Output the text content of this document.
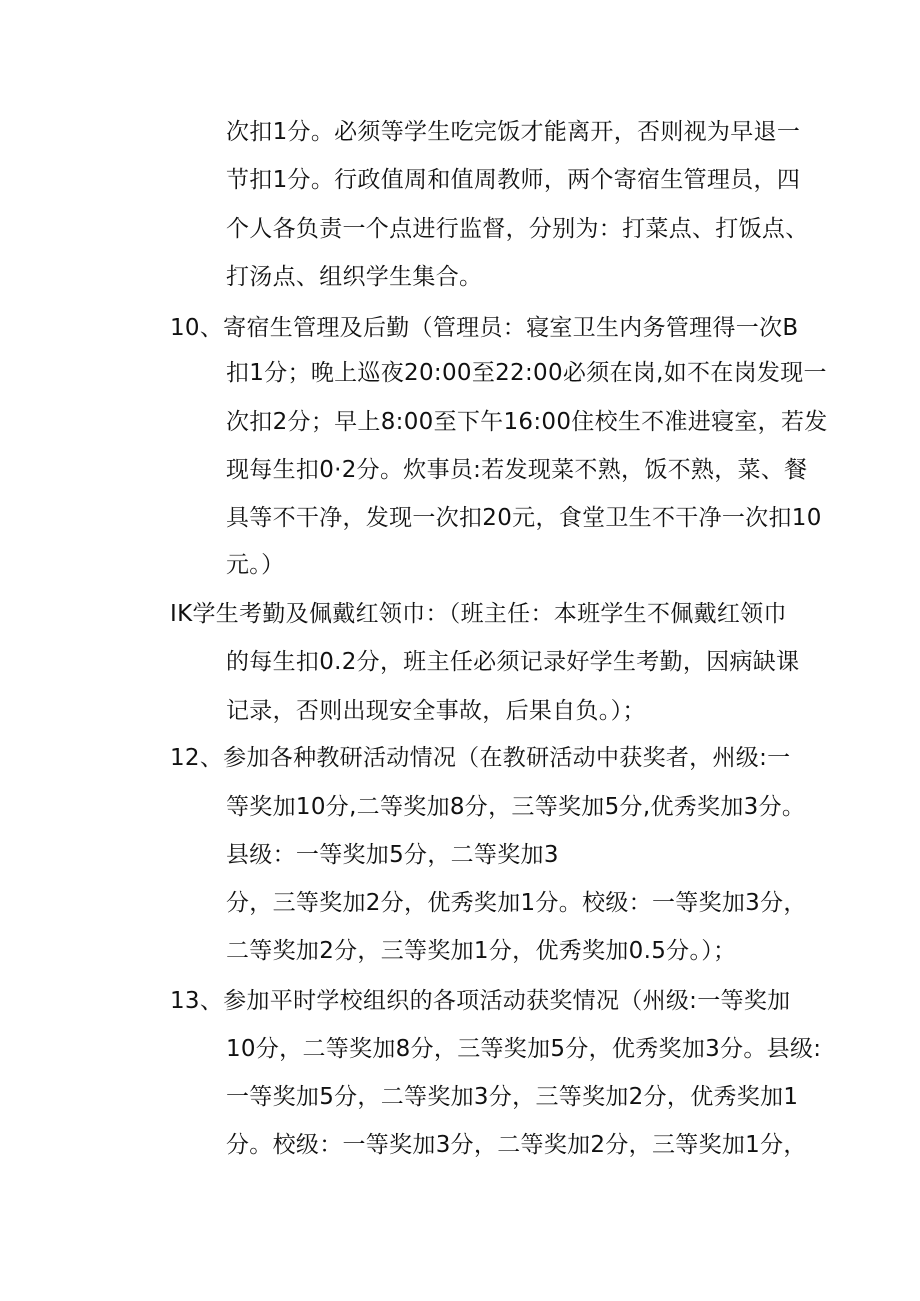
次扣1分。必须等学生吃完饭才能离开，否则视为早退一
节扣1分。行政值周和值周教师，两个寄宿生管理员，四
个人各负责一个点进行监督，分别为：打菜点、打饭点、
打汤点、组织学生集合。
10、寄宿生管理及后勤（管理员：寝室卫生内务管理得一次B
扣1分；晚上巡夜20:00至22:00必须在岗,如不在岗发现一
次扣2分；早上8:00至下午16:00住校生不准进寝室，若发
现每生扣0·2分。炊事员:若发现菜不熟，饭不熟，菜、餐
具等不干净，发现一次扣20元，食堂卫生不干净一次扣10
元。）
IK学生考勤及佩戴红领巾：（班主任：本班学生不佩戴红领巾
的每生扣0.2分，班主任必须记录好学生考勤，因病缺课
记录，否则出现安全事故，后果自负。）；
12、参加各种教研活动情况（在教研活动中获奖者，州级:一
等奖加10分,二等奖加8分，三等奖加5分,优秀奖加3分。
县级：一等奖加5分，二等奖加3
分，三等奖加2分，优秀奖加1分。校级：一等奖加3分，
二等奖加2分，三等奖加1分，优秀奖加0.5分。）；
13、参加平时学校组织的各项活动获奖情况（州级:一等奖加
10分，二等奖加8分，三等奖加5分，优秀奖加3分。县级:
一等奖加5分，二等奖加3分，三等奖加2分，优秀奖加1
分。校级：一等奖加3分，二等奖加2分，三等奖加1分，
